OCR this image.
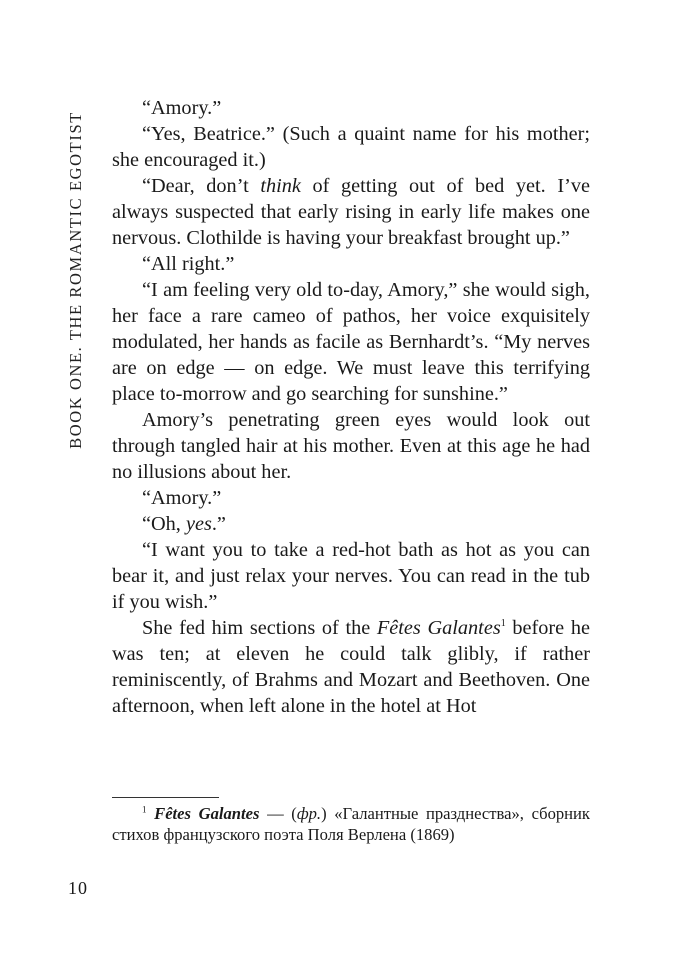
BOOK ONE. THE ROMANTIC EGOTIST

“Amory.”

“Yes, Beatrice.” (Such a quaint name for his mother; she encouraged it.)

“Dear, don’t think of getting out of bed yet. I’ve always suspected that early rising in early life makes one nervous. Clothilde is having your breakfast brought up.”

“All right.”

“I am feeling very old to-day, Amory,” she would sigh, her face a rare cameo of pathos, her voice exquisitely modulated, her hands as facile as Bernhardt’s. “My nerves are on edge — on edge. We must leave this terrifying place to-morrow and go searching for sunshine.”

Amory’s penetrating green eyes would look out through tangled hair at his mother. Even at this age he had no illusions about her.

“Amory.”

“Oh, yes.”

“I want you to take a red-hot bath as hot as you can bear it, and just relax your nerves. You can read in the tub if you wish.”

She fed him sections of the Fêtes Galantes$^1$ before he was ten; at eleven he could talk glibly, if rather reminiscently, of Brahms and Mozart and Beethoven. One afternoon, when left alone in the hotel at Hot

$^1$ Fêtes Galantes — (фр.) «Галантные празднества», сборник стихов французского поэта Поля Верлена (1869)

10
